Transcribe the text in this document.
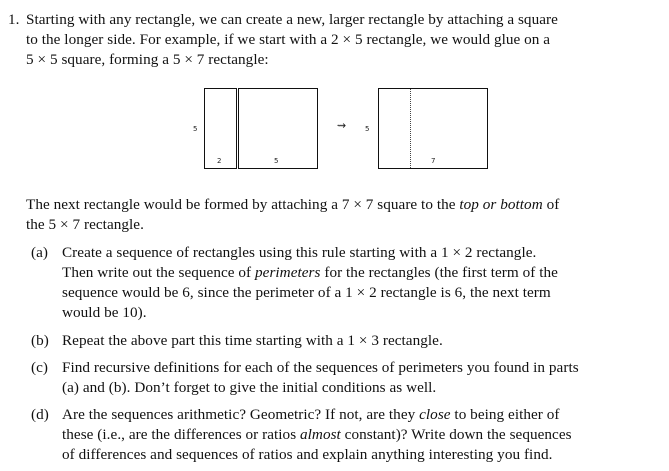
1. Starting with any rectangle, we can create a new, larger rectangle by attaching a square
to the longer side. For example, if we start with a 2 × 5 rectangle, we would glue on a
5 × 5 square, forming a 5 × 7 rectangle:
5
2	5
⇝	5
7
The next rectangle would be formed by attaching a 7 × 7 square to the top or bottom of
the 5 × 7 rectangle.
(a) Create a sequence of rectangles using this rule starting with a 1 × 2 rectangle.
Then write out the sequence of perimeters for the rectangles (the first term of the
sequence would be 6, since the perimeter of a 1 × 2 rectangle is 6, the next term
would be 10).
(b) Repeat the above part this time starting with a 1 × 3 rectangle.
(c) Find recursive definitions for each of the sequences of perimeters you found in parts
(a) and (b). Don’t forget to give the initial conditions as well.
(d) Are the sequences arithmetic? Geometric? If not, are they close to being either of
these (i.e., are the differences or ratios almost constant)? Write down the sequences
of differences and sequences of ratios and explain anything interesting you find.
